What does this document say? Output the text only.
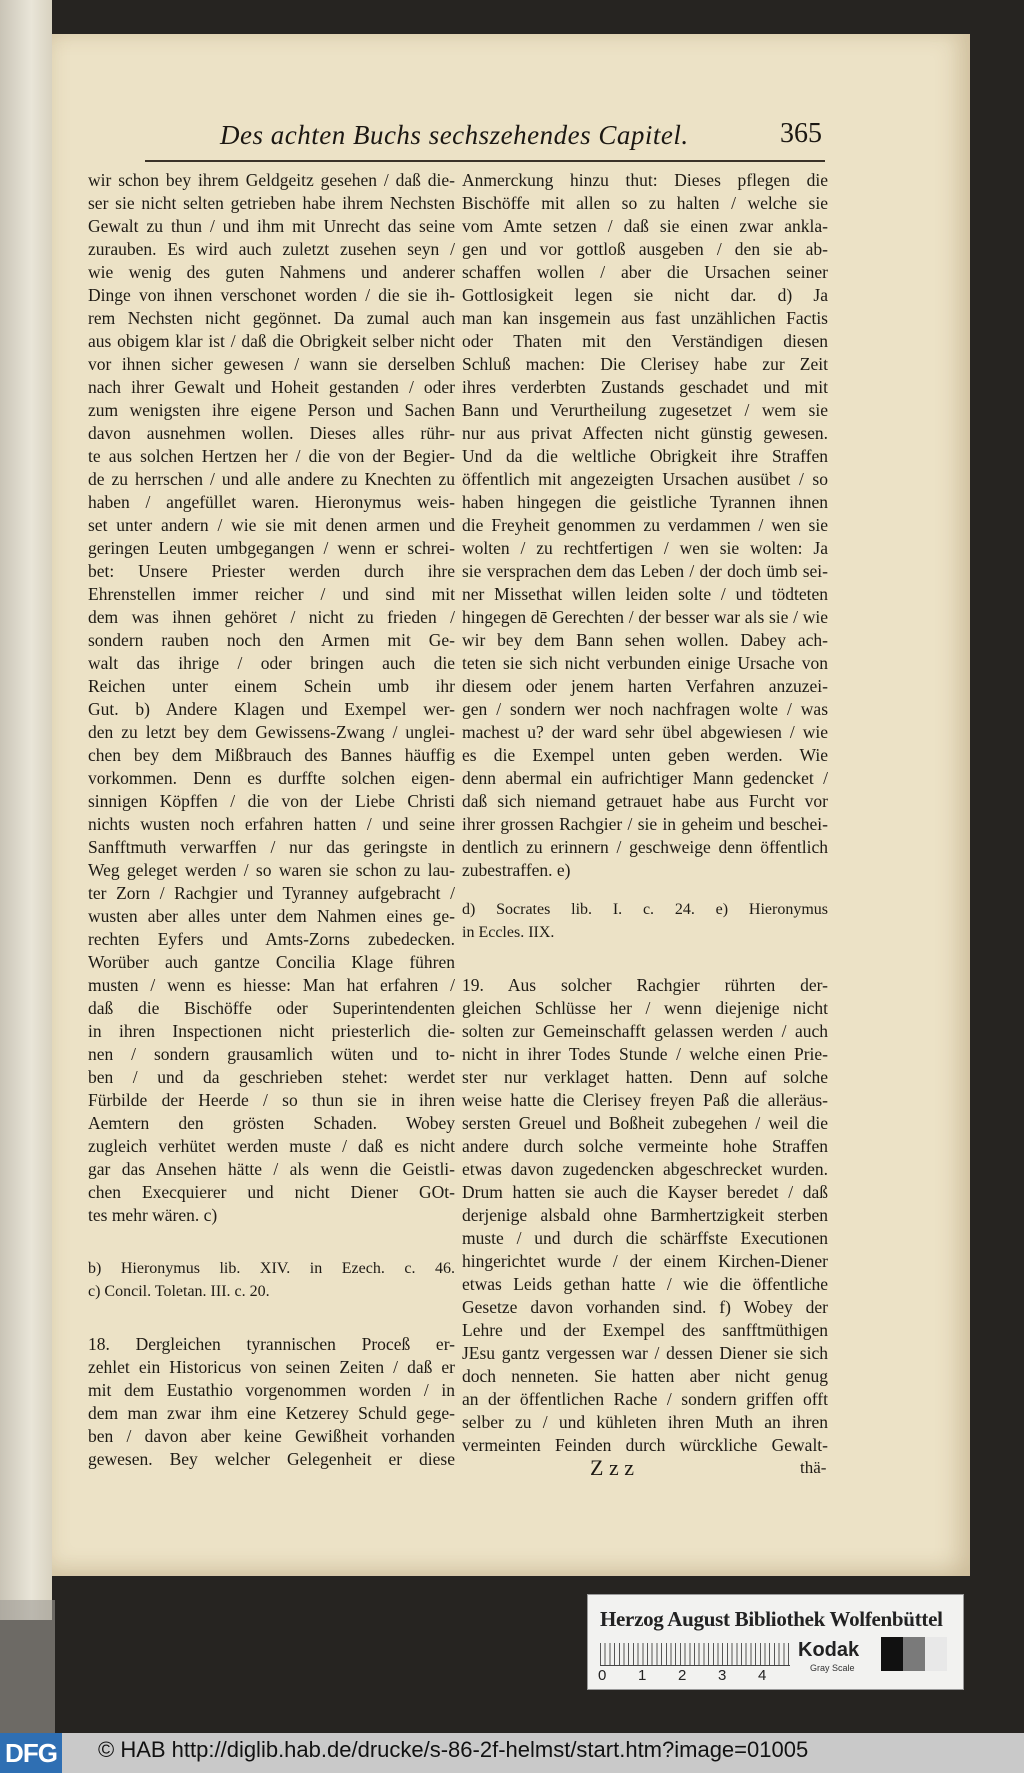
Des achten Buchs sechszehendes Capitel.	365
wir schon bey ihrem Geldgeitz gesehen / daß die-
ser sie nicht selten getrieben habe ihrem Nechsten
Gewalt zu thun / und ihm mit Unrecht das seine
zurauben. Es wird auch zuletzt zusehen seyn /
wie wenig des guten Nahmens und anderer
Dinge von ihnen verschonet worden / die sie ih-
rem Nechsten nicht gegönnet. Da zumal auch
aus obigem klar ist / daß die Obrigkeit selber nicht
vor ihnen sicher gewesen / wann sie derselben
nach ihrer Gewalt und Hoheit gestanden / oder
zum wenigsten ihre eigene Person und Sachen
davon ausnehmen wollen. Dieses alles rühr-
te aus solchen Hertzen her / die von der Begier-
de zu herrschen / und alle andere zu Knechten zu
haben / angefüllet waren. Hieronymus weis-
set unter andern / wie sie mit denen armen und
geringen Leuten umbgegangen / wenn er schrei-
bet: Unsere Priester werden durch ihre
Ehrenstellen immer reicher / und sind mit
dem was ihnen gehöret / nicht zu frieden /
sondern rauben noch den Armen mit Ge-
walt das ihrige / oder bringen auch die
Reichen unter einem Schein umb ihr
Gut. b) Andere Klagen und Exempel wer-
den zu letzt bey dem Gewissens-Zwang / unglei-
chen bey dem Mißbrauch des Bannes häuffig
vorkommen. Denn es durffte solchen eigen-
sinnigen Köpffen / die von der Liebe Christi
nichts wusten noch erfahren hatten / und seine
Sanfftmuth verwarffen / nur das geringste in
Weg geleget werden / so waren sie schon zu lau-
ter Zorn / Rachgier und Tyranney aufgebracht /
wusten aber alles unter dem Nahmen eines ge-
rechten Eyfers und Amts-Zorns zubedecken.
Worüber auch gantze Concilia Klage führen
musten / wenn es hiesse: Man hat erfahren /
daß die Bischöffe oder Superintendenten
in ihren Inspectionen nicht priesterlich die-
nen / sondern grausamlich wüten und to-
ben / und da geschrieben stehet: werdet
Fürbilde der Heerde / so thun sie in ihren
Aemtern den grösten Schaden. Wobey
zugleich verhütet werden muste / daß es nicht
gar das Ansehen hätte / als wenn die Geistli-
chen Execquierer und nicht Diener GOt-
tes mehr wären. c)
b) Hieronymus lib. XIV. in Ezech. c. 46.
c) Concil. Toletan. III. c. 20.
18. Dergleichen tyrannischen Proceß er-
zehlet ein Historicus von seinen Zeiten / daß er
mit dem Eustathio vorgenommen worden / in
dem man zwar ihm eine Ketzerey Schuld gege-
ben / davon aber keine Gewißheit vorhanden
gewesen. Bey welcher Gelegenheit er diese
Anmerckung hinzu thut: Dieses pflegen die
Bischöffe mit allen so zu halten / welche sie
vom Amte setzen / daß sie einen zwar ankla-
gen und vor gottloß ausgeben / den sie ab-
schaffen wollen / aber die Ursachen seiner
Gottlosigkeit legen sie nicht dar. d) Ja
man kan insgemein aus fast unzählichen Factis
oder Thaten mit den Verständigen diesen
Schluß machen: Die Clerisey habe zur Zeit
ihres verderbten Zustands geschadet und mit
Bann und Verurtheilung zugesetzet / wem sie
nur aus privat Affecten nicht günstig gewesen.
Und da die weltliche Obrigkeit ihre Straffen
öffentlich mit angezeigten Ursachen ausübet / so
haben hingegen die geistliche Tyrannen ihnen
die Freyheit genommen zu verdammen / wen sie
wolten / zu rechtfertigen / wen sie wolten: Ja
sie versprachen dem das Leben / der doch ümb sei-
ner Missethat willen leiden solte / und tödteten
hingegen dē Gerechten / der besser war als sie / wie
wir bey dem Bann sehen wollen. Dabey ach-
teten sie sich nicht verbunden einige Ursache von
diesem oder jenem harten Verfahren anzuzei-
gen / sondern wer noch nachfragen wolte / was
machest u? der ward sehr übel abgewiesen / wie
es die Exempel unten geben werden. Wie
denn abermal ein aufrichtiger Mann gedencket /
daß sich niemand getrauet habe aus Furcht vor
ihrer grossen Rachgier / sie in geheim und beschei-
dentlich zu erinnern / geschweige denn öffentlich
zubestraffen. e)
d) Socrates lib. I. c. 24. e) Hieronymus
in Eccles. IIX.
19. Aus solcher Rachgier rührten der-
gleichen Schlüsse her / wenn diejenige nicht
solten zur Gemeinschafft gelassen werden / auch
nicht in ihrer Todes Stunde / welche einen Prie-
ster nur verklaget hatten. Denn auf solche
weise hatte die Clerisey freyen Paß die alleräus-
sersten Greuel und Boßheit zubegehen / weil die
andere durch solche vermeinte hohe Straffen
etwas davon zugedencken abgeschrecket wurden.
Drum hatten sie auch die Kayser beredet / daß
derjenige alsbald ohne Barmhertzigkeit sterben
muste / und durch die schärffste Executionen
hingerichtet wurde / der einem Kirchen-Diener
etwas Leids gethan hatte / wie die öffentliche
Gesetze davon vorhanden sind. f) Wobey der
Lehre und der Exempel des sanfftmüthigen
JEsu gantz vergessen war / dessen Diener sie sich
doch nenneten. Sie hatten aber nicht genug
an der öffentlichen Rache / sondern griffen offt
selber zu / und kühleten ihren Muth an ihren
vermeinten Feinden durch würckliche Gewalt-
Z z z	thä-
Herzog August Bibliothek Wolfenbüttel
0	1	2	3	4
Kodak
Gray Scale
DFG © HAB http://diglib.hab.de/drucke/s-86-2f-helmst/start.htm?image=01005
